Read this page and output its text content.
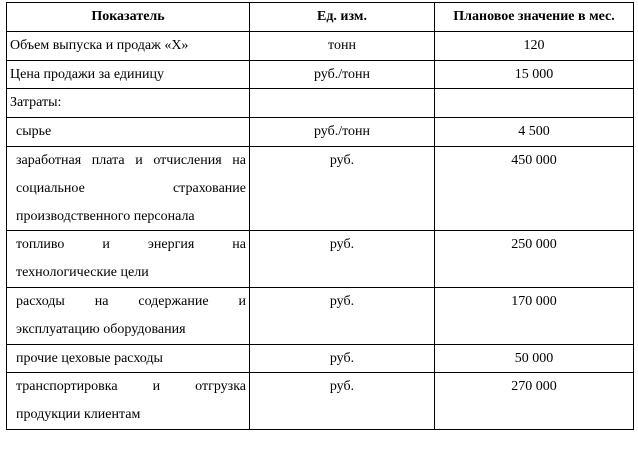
Показатель	Ед. изм.	Плановое значение в мес.
Объем выпуска и продаж «Х»	тонн	120
Цена продажи за единицу	руб./тонн	15 000
Затраты:		
сырье	руб./тонн	4 500
заработная плата и отчисления на социальное страхование производственного персонала	руб.	450 000
топливо и энергия на технологические цели	руб.	250 000
расходы на содержание и эксплуатацию оборудования	руб.	170 000
прочие цеховые расходы	руб.	50 000
транспортировка и отгрузка продукции клиентам	руб.	270 000
